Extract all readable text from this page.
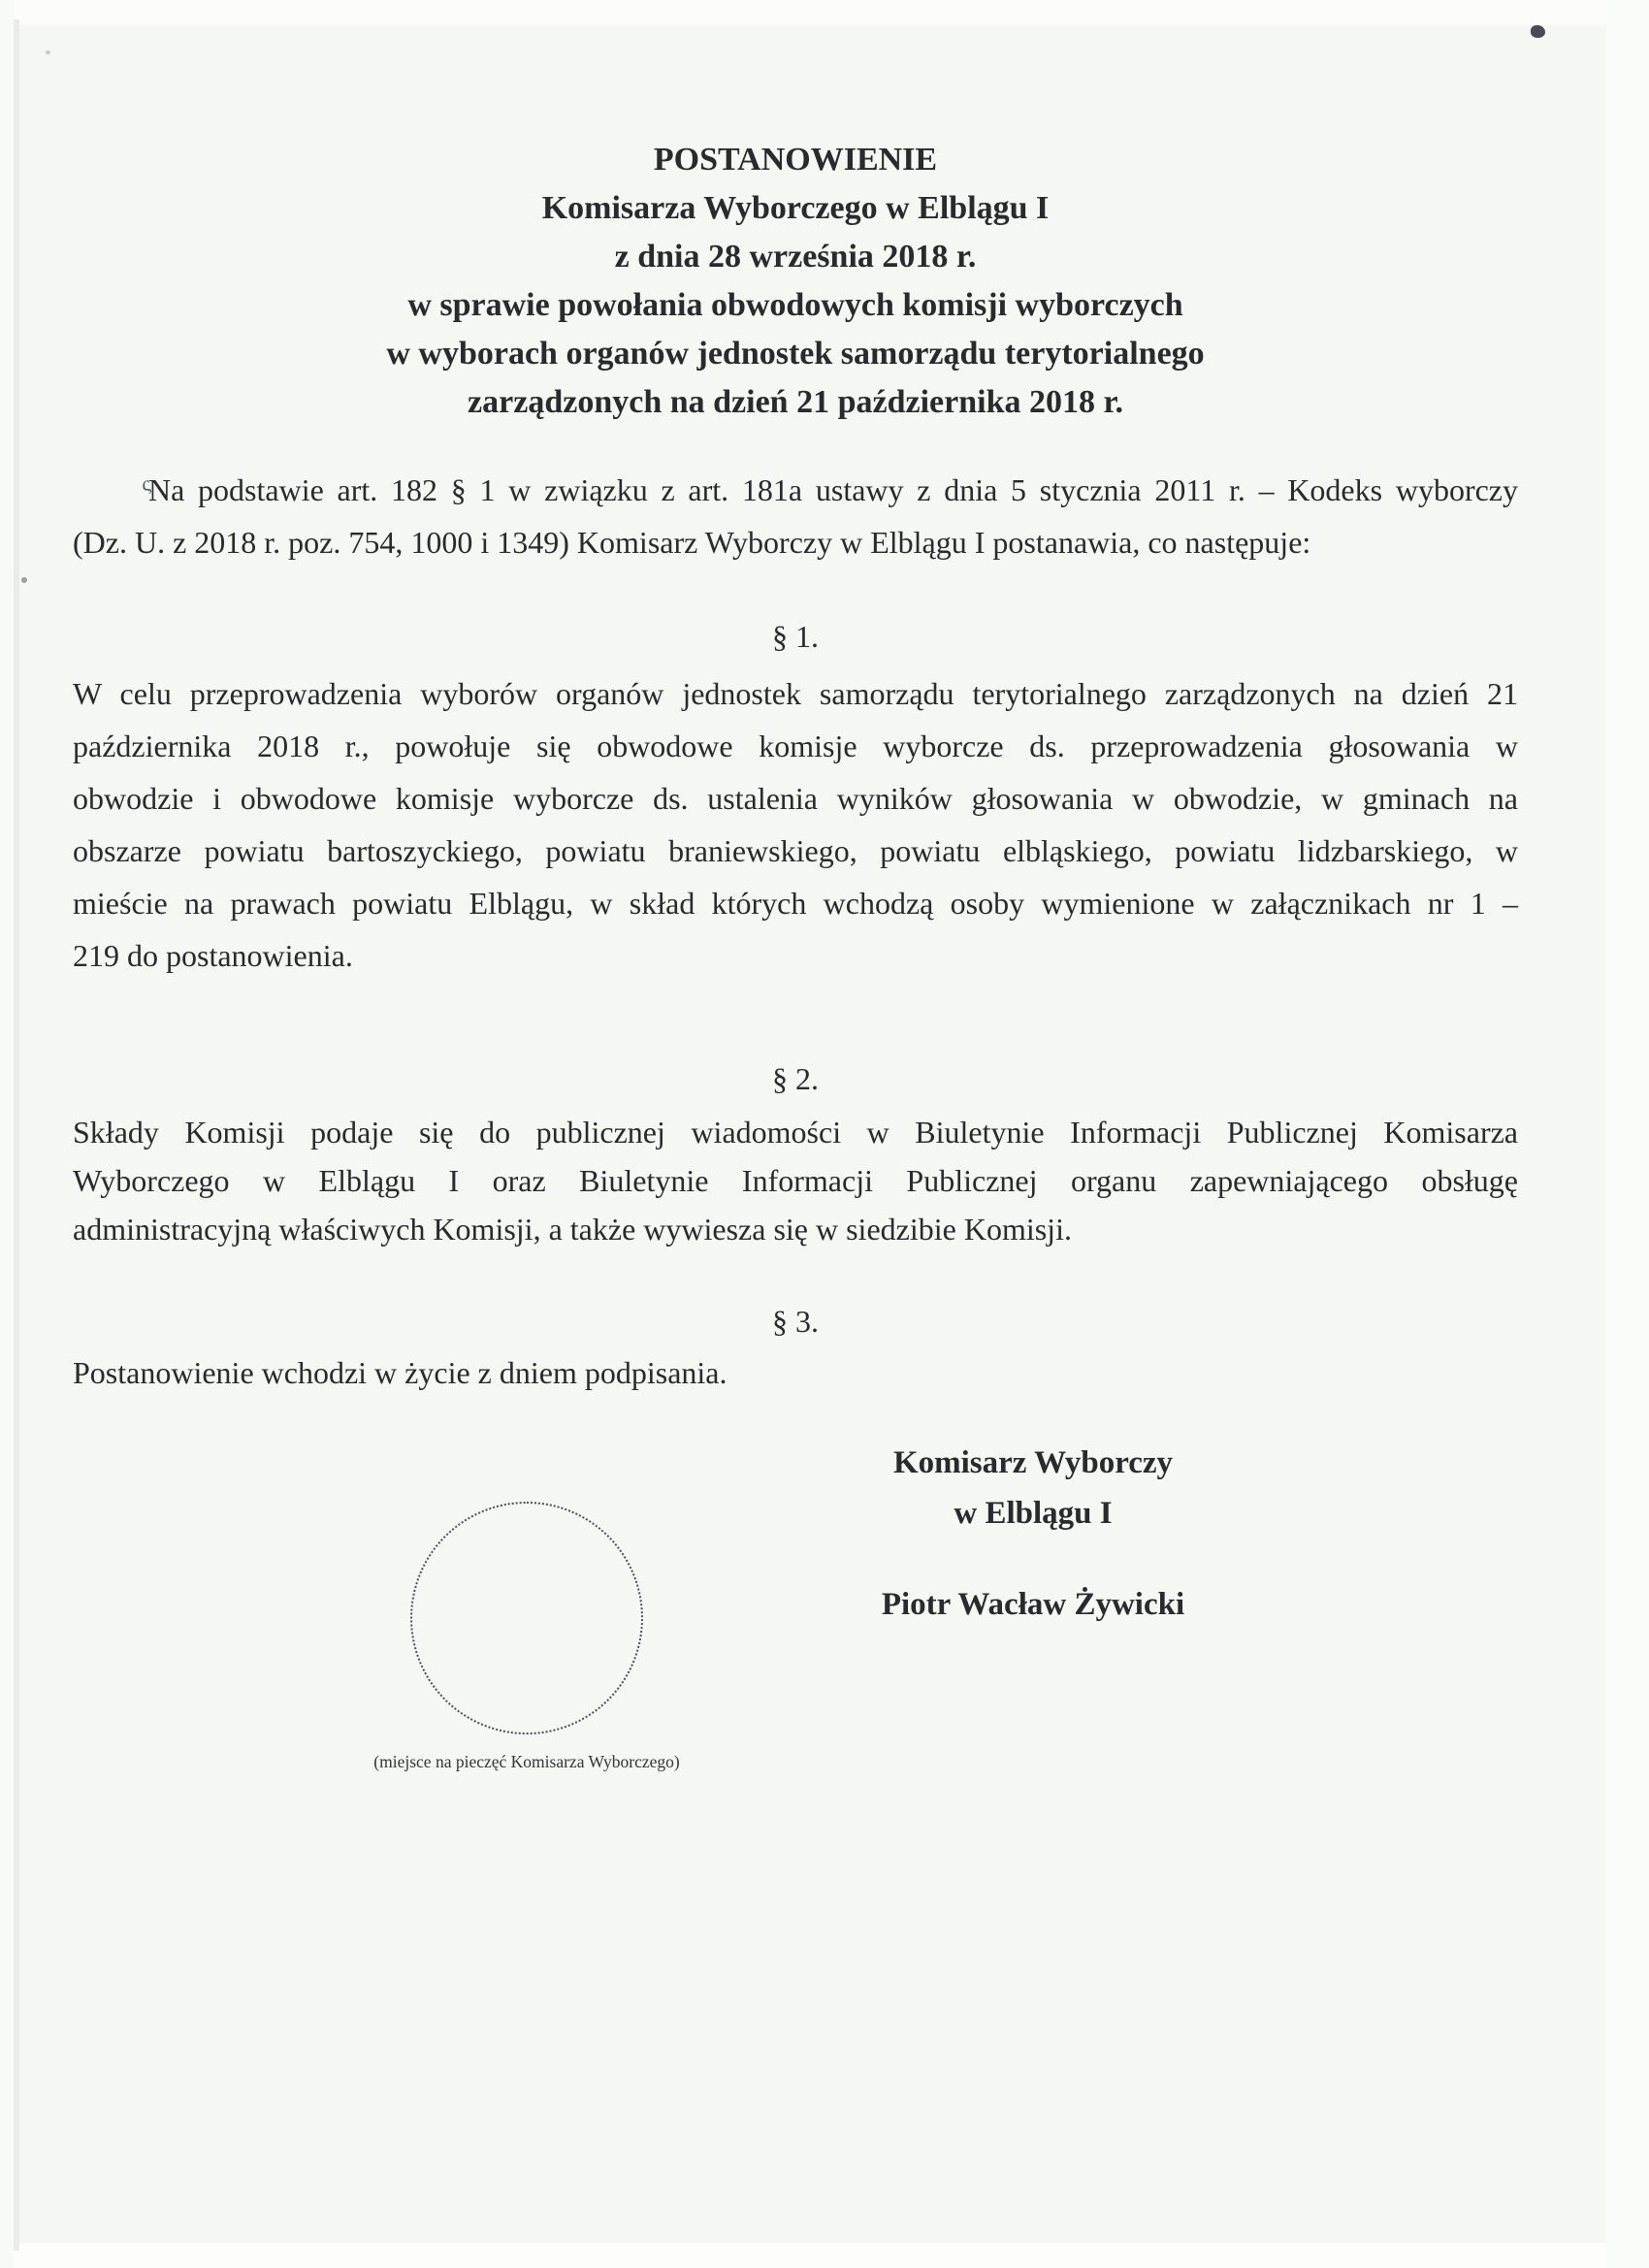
POSTANOWIENIE
Komisarza Wyborczego w Elblągu I
z dnia 28 września 2018 r.
w sprawie powołania obwodowych komisji wyborczych
w wyborach organów jednostek samorządu terytorialnego
zarządzonych na dzień 21 października 2018 r.
Na podstawie art. 182 § 1 w związku z art. 181a ustawy z dnia 5 stycznia 2011 r. – Kodeks wyborczy
(Dz. U. z 2018 r. poz. 754, 1000 i 1349) Komisarz Wyborczy w Elblągu I postanawia, co następuje:
§ 1.
W celu przeprowadzenia wyborów organów jednostek samorządu terytorialnego zarządzonych na dzień 21
października 2018 r., powołuje się obwodowe komisje wyborcze ds. przeprowadzenia głosowania w
obwodzie i obwodowe komisje wyborcze ds. ustalenia wyników głosowania w obwodzie, w gminach na
obszarze powiatu bartoszyckiego, powiatu braniewskiego, powiatu elbląskiego, powiatu lidzbarskiego, w
mieście na prawach powiatu Elblągu, w skład których wchodzą osoby wymienione w załącznikach nr 1 –
219 do postanowienia.
§ 2.
Składy Komisji podaje się do publicznej wiadomości w Biuletynie Informacji Publicznej Komisarza
Wyborczego w Elblągu I oraz Biuletynie Informacji Publicznej organu zapewniającego obsługę
administracyjną właściwych Komisji, a także wywiesza się w siedzibie Komisji.
§ 3.
Postanowienie wchodzi w życie z dniem podpisania.
Komisarz Wyborczy
w Elblągu I
Piotr Wacław Żywicki
(miejsce na pieczęć Komisarza Wyborczego)
ς
